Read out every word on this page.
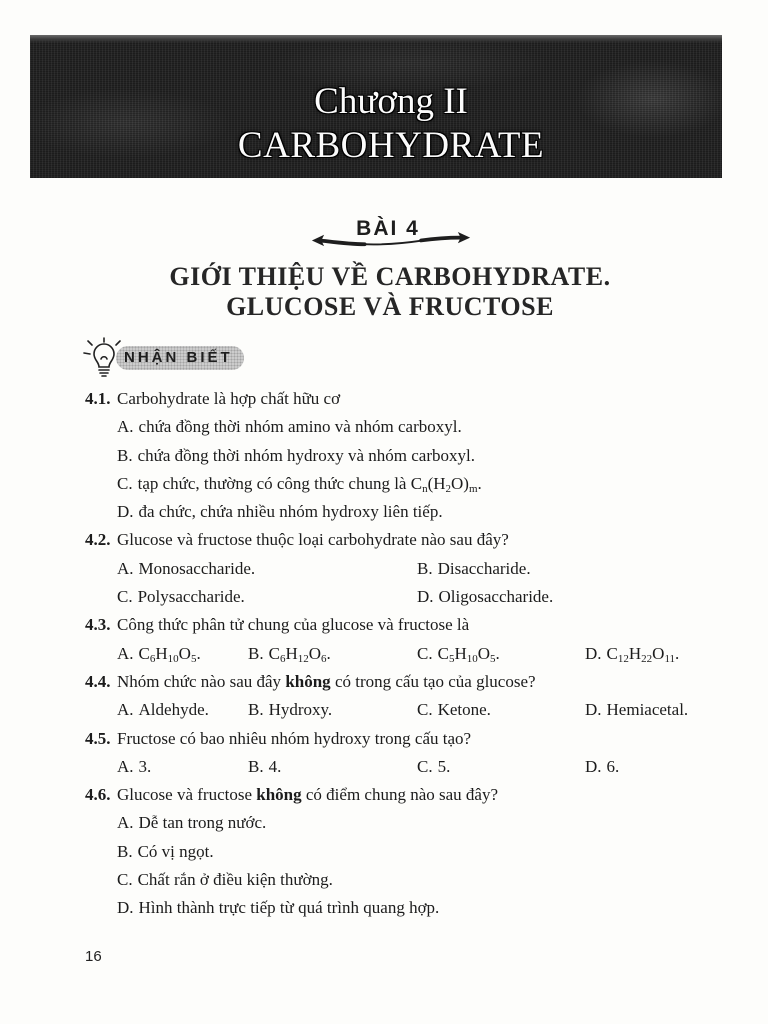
Chương II
CARBOHYDRATE
BÀI 4
GIỚI THIỆU VỀ CARBOHYDRATE.
GLUCOSE VÀ FRUCTOSE
NHẬN BIẾT
4.1. Carbohydrate là hợp chất hữu cơ
A. chứa đồng thời nhóm amino và nhóm carboxyl.
B. chứa đồng thời nhóm hydroxy và nhóm carboxyl.
C. tạp chức, thường có công thức chung là $C_n(H_2O)_m$.
D. đa chức, chứa nhiều nhóm hydroxy liên tiếp.
4.2. Glucose và fructose thuộc loại carbohydrate nào sau đây?
A. Monosaccharide.	B. Disaccharide.
C. Polysaccharide.	D. Oligosaccharide.
4.3. Công thức phân tử chung của glucose và fructose là
A. $C_6H_{10}O_5$.	B. $C_6H_{12}O_6$.	C. $C_5H_{10}O_5$.	D. $C_{12}H_{22}O_{11}$.
4.4. Nhóm chức nào sau đây không có trong cấu tạo của glucose?
A. Aldehyde. B. Hydroxy.	C. Ketone.	D. Hemiacetal.
4.5. Fructose có bao nhiêu nhóm hydroxy trong cấu tạo?
A. 3.	B. 4.	C. 5.	D. 6.
4.6. Glucose và fructose không có điểm chung nào sau đây?
A. Dễ tan trong nước.
B. Có vị ngọt.
C. Chất rắn ở điều kiện thường.
D. Hình thành trực tiếp từ quá trình quang hợp.
16
